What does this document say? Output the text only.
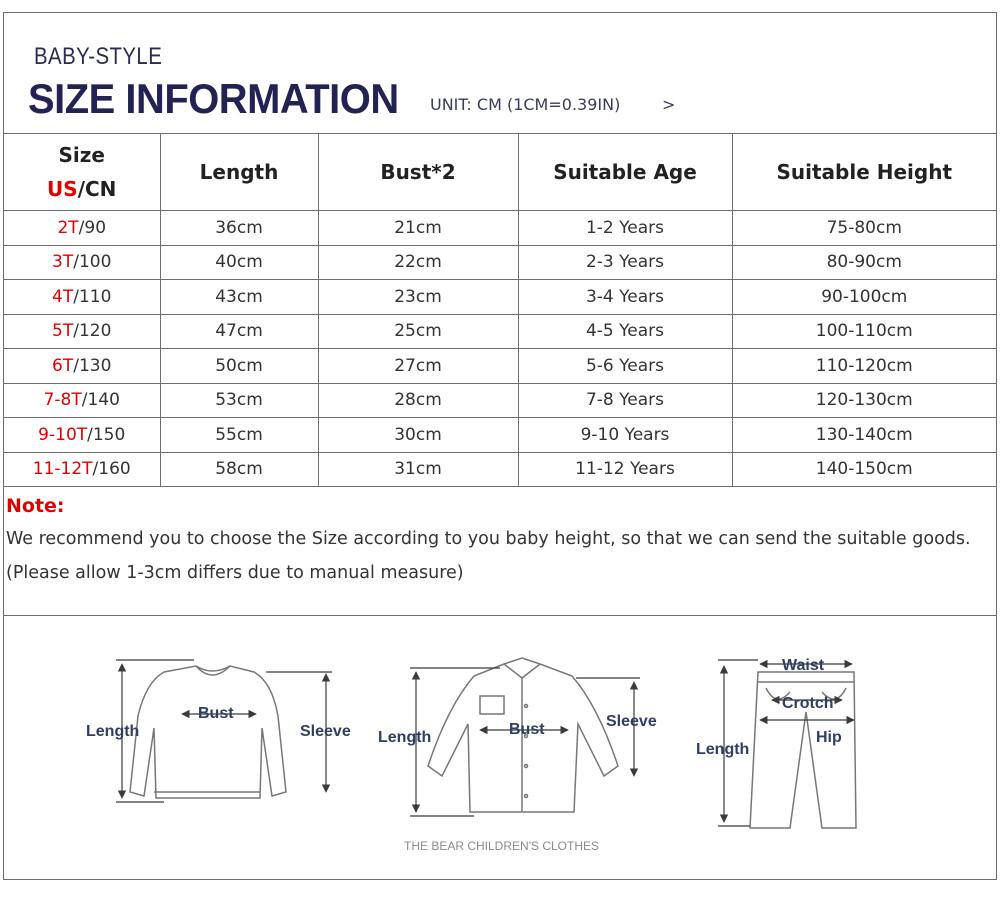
BABY-STYLE
SIZE INFORMATION UNIT: CM (1CM=0.39IN)	>
Size
US/CN	Length	Bust*2	Suitable Age	Suitable Height
2T/90	36cm	21cm	1-2 Years	75-80cm
3T/100	40cm	22cm	2-3 Years	80-90cm
4T/110	43cm	23cm	3-4 Years	90-100cm
5T/120	47cm	25cm	4-5 Years	100-110cm
6T/130	50cm	27cm	5-6 Years	110-120cm
7-8T/140	53cm	28cm	7-8 Years	120-130cm
9-10T/150	55cm	30cm	9-10 Years	130-140cm
11-12T/160	58cm	31cm	11-12 Years	140-150cm
Note:
We recommend you to choose the Size according to you baby height, so that we can send the suitable goods.
(Please allow 1-3cm differs due to manual measure)
Length
Bust
Sleeve Length	Bust	Sleeve
THE BEAR CHILDREN'S CLOTHES
Waist
Crotch
Hip
Length
